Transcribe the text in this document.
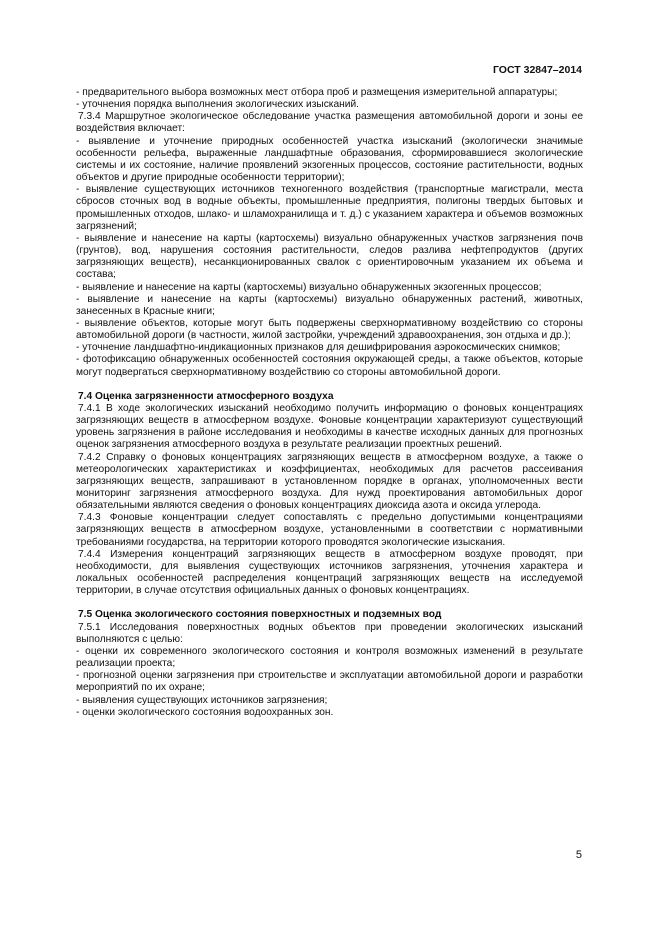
ГОСТ 32847–2014

- предварительного выбора возможных мест отбора проб и размещения измерительной аппаратуры;

- уточнения порядка выполнения экологических изысканий.

7.3.4 Маршрутное экологическое обследование участка размещения автомобильной дороги и зоны ее воздействия включает:

- выявление и уточнение природных особенностей участка изысканий (экологически значимые особенности рельефа, выраженные ландшафтные образования, сформировавшиеся экологические системы и их состояние, наличие проявлений экзогенных процессов, состояние растительности, водных объектов и другие природные особенности территории);

- выявление существующих источников техногенного воздействия (транспортные магистрали, места сбросов сточных вод в водные объекты, промышленные предприятия, полигоны твердых бытовых и промышленных отходов, шлако- и шламохранилища и т. д.) с указанием характера и объемов возможных загрязнений;

- выявление и нанесение на карты (картосхемы) визуально обнаруженных участков загрязнения почв (грунтов), вод, нарушения состояния растительности, следов разлива нефтепродуктов (других загрязняющих веществ), несанкционированных свалок с ориентировочным указанием их объема и состава;

- выявление и нанесение на карты (картосхемы) визуально обнаруженных экзогенных процессов;

- выявление и нанесение на карты (картосхемы) визуально обнаруженных растений, животных, занесенных в Красные книги;

- выявление объектов, которые могут быть подвержены сверхнормативному воздействию со стороны автомобильной дороги (в частности, жилой застройки, учреждений здравоохранения, зон отдыха и др.);

- уточнение ландшафтно-индикационных признаков для дешифрирования аэрокосмических снимков;

- фотофиксацию обнаруженных особенностей состояния окружающей среды, а также объектов, которые могут подвергаться сверхнормативному воздействию со стороны автомобильной дороги.

7.4 Оценка загрязненности атмосферного воздуха

7.4.1 В ходе экологических изысканий необходимо получить информацию о фоновых концентрациях загрязняющих веществ в атмосферном воздухе. Фоновые концентрации характеризуют существующий уровень загрязнения в районе исследования и необходимы в качестве исходных данных для прогнозных оценок загрязнения атмосферного воздуха в результате реализации проектных решений.

7.4.2 Справку о фоновых концентрациях загрязняющих веществ в атмосферном воздухе, а также о метеорологических характеристиках и коэффициентах, необходимых для расчетов рассеивания загрязняющих веществ, запрашивают в установленном порядке в органах, уполномоченных вести мониторинг загрязнения атмосферного воздуха. Для нужд проектирования автомобильных дорог обязательными являются сведения о фоновых концентрациях диоксида азота и оксида углерода.

7.4.3 Фоновые концентрации следует сопоставлять с предельно допустимыми концентрациями загрязняющих веществ в атмосферном воздухе, установленными в соответствии с нормативными требованиями государства, на территории которого проводятся экологические изыскания.

7.4.4 Измерения концентраций загрязняющих веществ в атмосферном воздухе проводят, при необходимости, для выявления существующих источников загрязнения, уточнения характера и локальных особенностей распределения концентраций загрязняющих веществ на исследуемой территории, в случае отсутствия официальных данных о фоновых концентрациях.

7.5 Оценка экологического состояния поверхностных и подземных вод

7.5.1 Исследования поверхностных водных объектов при проведении экологических изысканий выполняются с целью:

- оценки их современного экологического состояния и контроля возможных изменений в результате реализации проекта;

- прогнозной оценки загрязнения при строительстве и эксплуатации автомобильной дороги и разработки мероприятий по их охране;

- выявления существующих источников загрязнения;

- оценки экологического состояния водоохранных зон.

5
